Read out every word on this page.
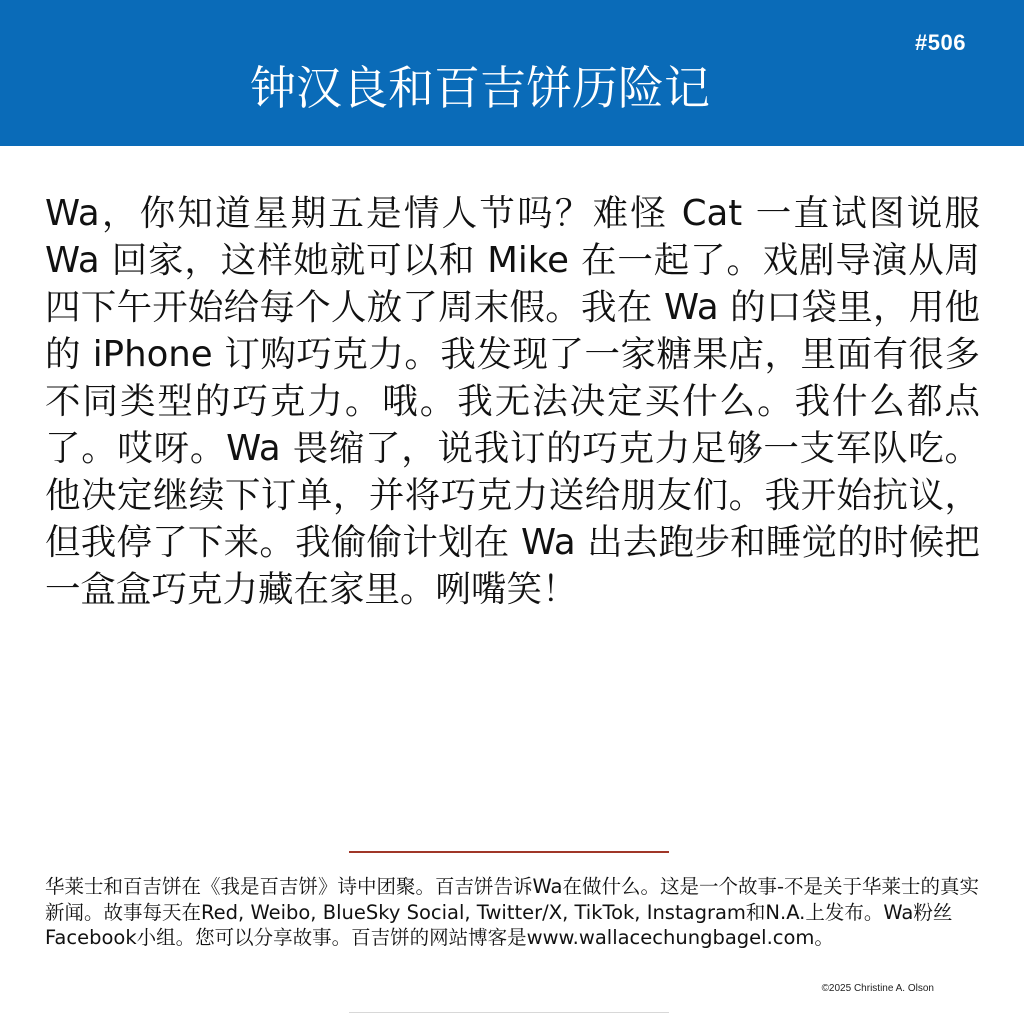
#506
钟汉良和百吉饼历险记
Wa，你知道星期五是情人节吗？难怪 Cat 一直试图说服 Wa 回家，这样她就可以和 Mike 在一起了。戏剧导演从周四下午开始给每个人放了周末假。我在 Wa 的口袋里，用他的 iPhone 订购巧克力。我发现了一家糖果店，里面有很多不同类型的巧克力。哦。我无法决定买什么。我什么都点了。哎呀。Wa 畏缩了，说我订的巧克力足够一支军队吃。他决定继续下订单，并将巧克力送给朋友们。我开始抗议，但我停了下来。我偷偷计划在 Wa 出去跑步和睡觉的时候把一盒盒巧克力藏在家里。咧嘴笑！
华莱士和百吉饼在《我是百吉饼》诗中团聚。百吉饼告诉Wa在做什么。这是一个故事-不是关于华莱士的真实新闻。故事每天在Red, Weibo, BlueSky Social, Twitter/X, TikTok, Instagram和N.A.上发布。Wa粉丝Facebook小组。您可以分享故事。百吉饼的网站博客是www.wallacechungbagel.com。
©2025 Christine A. Olson
